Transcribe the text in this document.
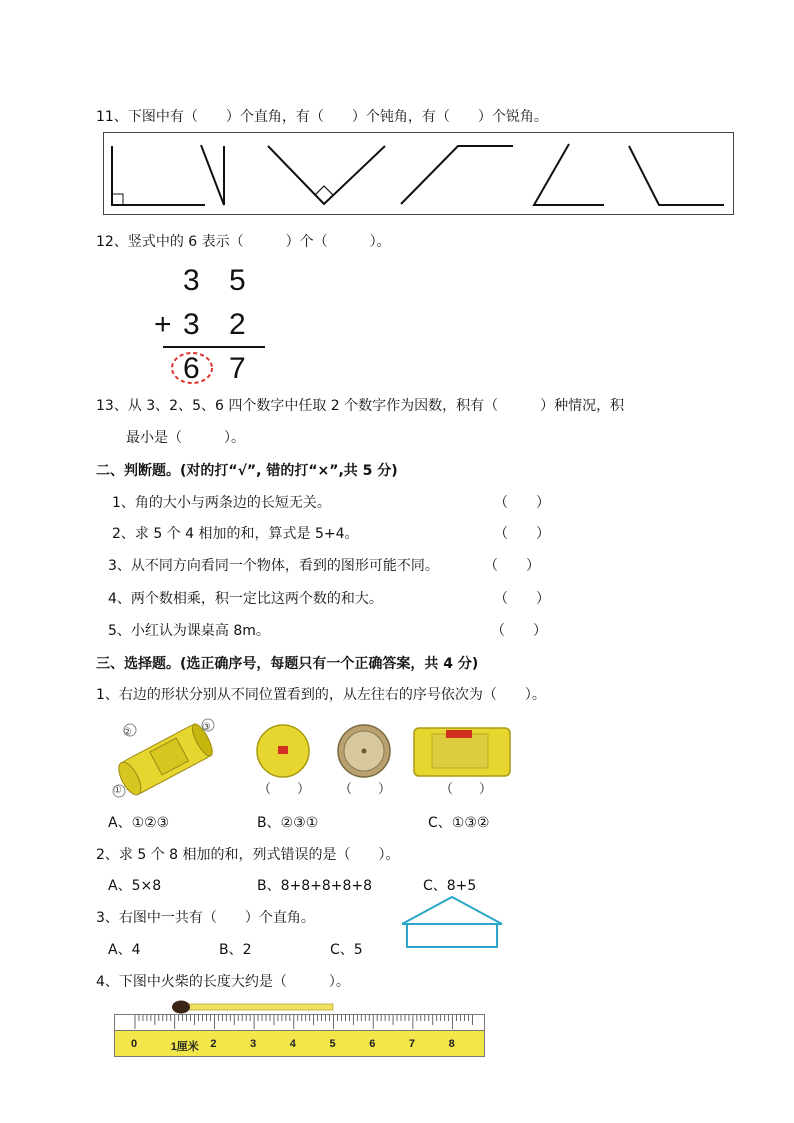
11、下图中有（　　）个直角，有（　　）个钝角，有（　　）个锐角。
12、竖式中的 6 表示（　　　）个（　　　）。
3 5
+ 3 2
6 7
13、从 3、2、5、6 四个数字中任取 2 个数字作为因数，积有（　　　）种情况，积
最小是（　　　）。
二、判断题。(对的打“√”, 错的打“×”,共 5 分)
1、角的大小与两条边的长短无关。	（　　）
2、求 5 个 4 相加的和，算式是 5+4。	（　　）
3、从不同方向看同一个物体，看到的图形可能不同。	（　　）
4、两个数相乘，积一定比这两个数的和大。	（　　）
5、小红认为课桌高 8m。	（　　）
三、选择题。(选正确序号，每题只有一个正确答案，共 4 分)
1、右边的形状分别从不同位置看到的，从左往右的序号依次为（　　）。
②	③
①	（　　） （　　）	（　　）
A、①②③	B、②③①	C、①③②
2、求 5 个 8 相加的和，列式错误的是（　　）。
A、5×8	B、8+8+8+8+8	C、8+5
3、右图中一共有（　　）个直角。
A、4	B、2	C、5
4、下图中火柴的长度大约是（　　　）。
0	1厘米 2	3	4	5	6	7	8
